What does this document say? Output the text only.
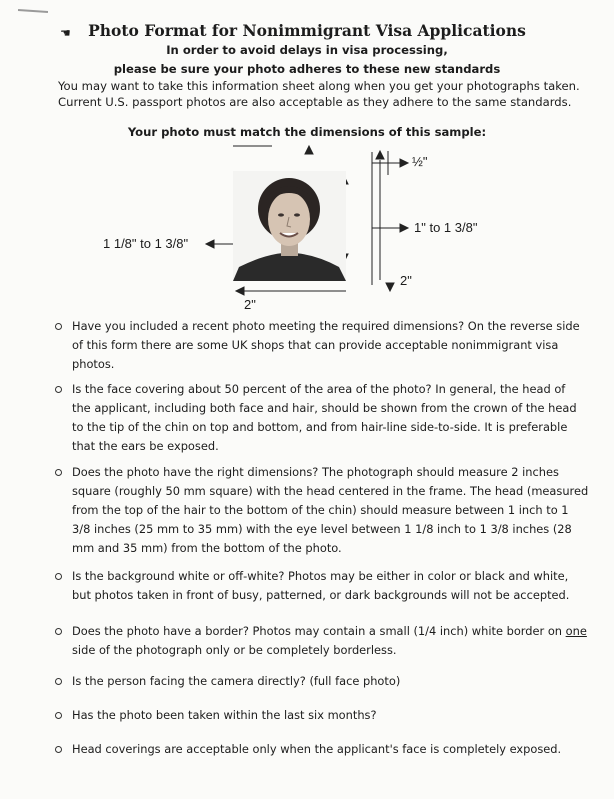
☚	Photo Format for Nonimmigrant Visa Applications
In order to avoid delays in visa processing,
please be sure your photo adheres to these new standards
You may want to take this information sheet along when you get your photographs taken.
Current U.S. passport photos are also acceptable as they adhere to the same standards.
Your photo must match the dimensions of this sample:
½"
1" to 1 3/8"
1 1/8" to 1 3/8"
2"
2"
Have you included a recent photo meeting the required dimensions? On the reverse side
of this form there are some UK shops that can provide acceptable nonimmigrant visa
photos.
Is the face covering about 50 percent of the area of the photo? In general, the head of
the applicant, including both face and hair, should be shown from the crown of the head
to the tip of the chin on top and bottom, and from hair-line side-to-side. It is preferable
that the ears be exposed.
Does the photo have the right dimensions? The photograph should measure 2 inches
square (roughly 50 mm square) with the head centered in the frame. The head (measured
from the top of the hair to the bottom of the chin) should measure between 1 inch to 1
3/8 inches (25 mm to 35 mm) with the eye level between 1 1/8 inch to 1 3/8 inches (28
mm and 35 mm) from the bottom of the photo.
Is the background white or off-white? Photos may be either in color or black and white,
but photos taken in front of busy, patterned, or dark backgrounds will not be accepted.
Does the photo have a border? Photos may contain a small (1/4 inch) white border on one
side of the photograph only or be completely borderless.
Is the person facing the camera directly? (full face photo)
Has the photo been taken within the last six months?
Head coverings are acceptable only when the applicant's face is completely exposed.
